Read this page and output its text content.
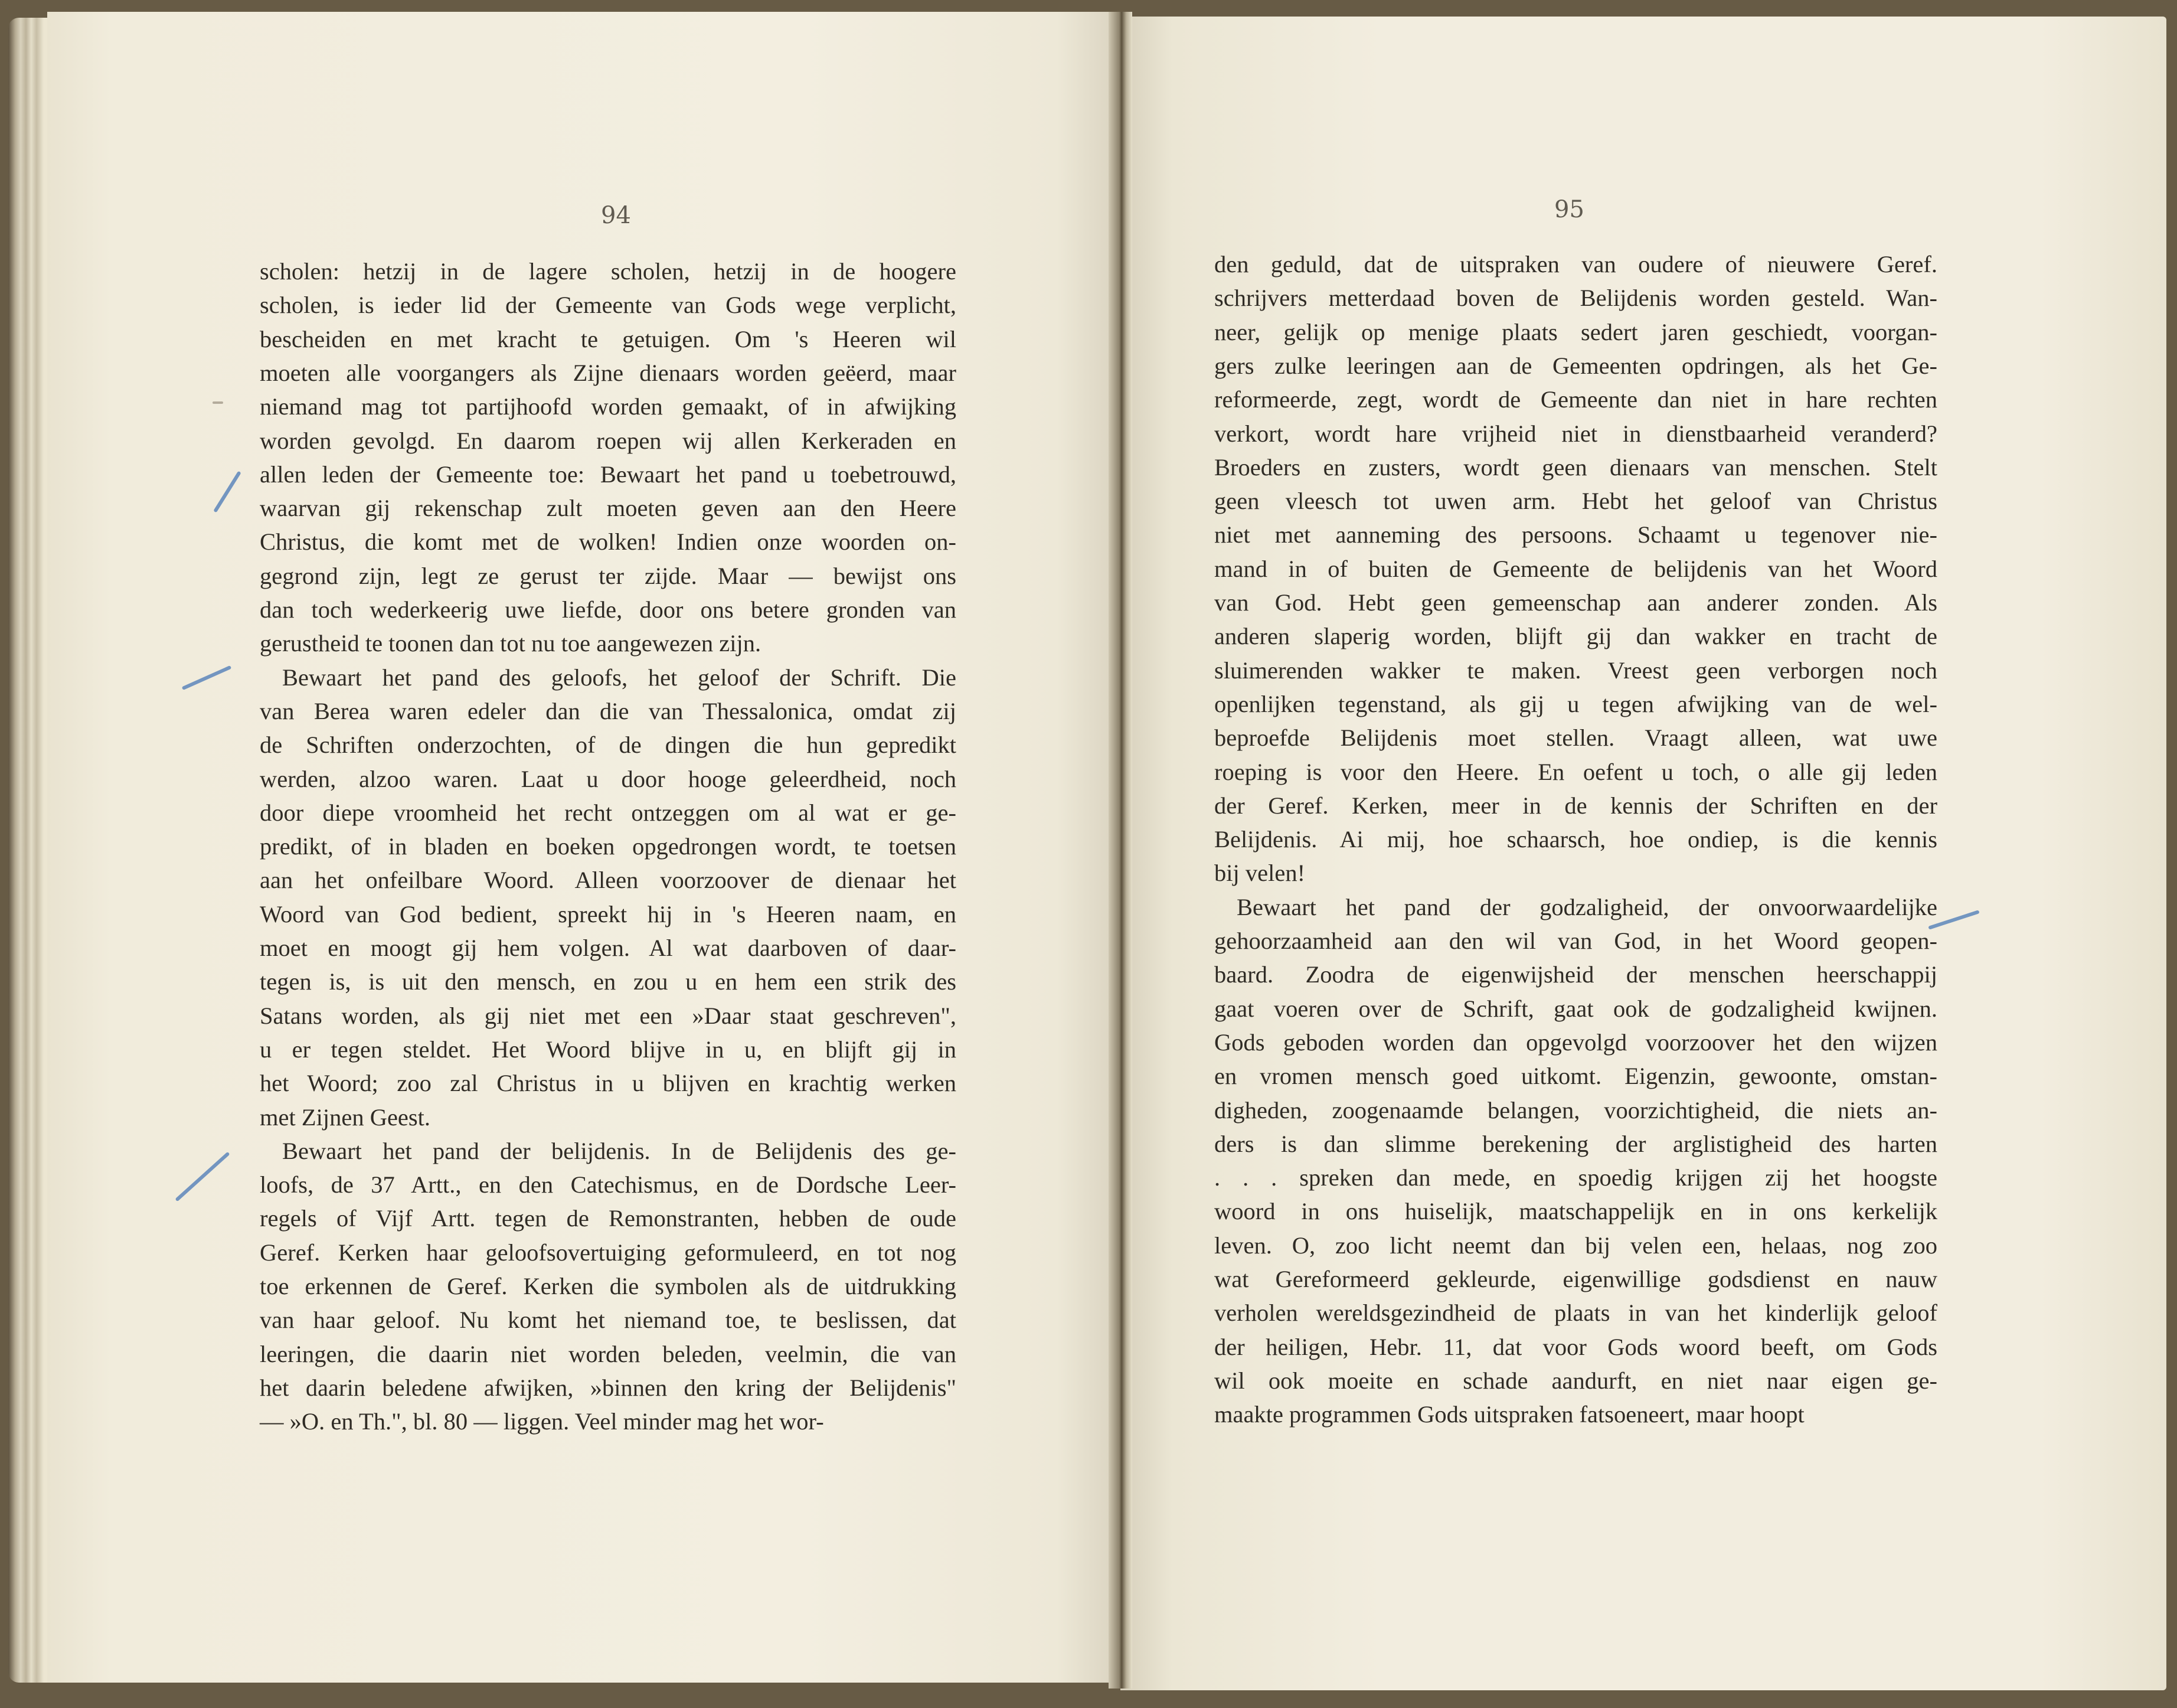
94	95
scholen: hetzij in de lagere scholen, hetzij in de hoogere
scholen, is ieder lid der Gemeente van Gods wege verplicht,
bescheiden en met kracht te getuigen. Om 's Heeren wil
moeten alle voorgangers als Zijne dienaars worden geëerd, maar
niemand mag tot partijhoofd worden gemaakt, of in afwijking
worden gevolgd. En daarom roepen wij allen Kerkeraden en
allen leden der Gemeente toe: Bewaart het pand u toebetrouwd,
waarvan gij rekenschap zult moeten geven aan den Heere
Christus, die komt met de wolken! Indien onze woorden on-
gegrond zijn, legt ze gerust ter zijde. Maar — bewijst ons
dan toch wederkeerig uwe liefde, door ons betere gronden van
gerustheid te toonen dan tot nu toe aangewezen zijn.
Bewaart het pand des geloofs, het geloof der Schrift. Die
van Berea waren edeler dan die van Thessalonica, omdat zij
de Schriften onderzochten, of de dingen die hun gepredikt
werden, alzoo waren. Laat u door hooge geleerdheid, noch
door diepe vroomheid het recht ontzeggen om al wat er ge-
predikt, of in bladen en boeken opgedrongen wordt, te toetsen
aan het onfeilbare Woord. Alleen voorzoover de dienaar het
Woord van God bedient, spreekt hij in 's Heeren naam, en
moet en moogt gij hem volgen. Al wat daarboven of daar-
tegen is, is uit den mensch, en zou u en hem een strik des
Satans worden, als gij niet met een »Daar staat geschreven",
u er tegen steldet. Het Woord blijve in u, en blijft gij in
het Woord; zoo zal Christus in u blijven en krachtig werken
met Zijnen Geest.
Bewaart het pand der belijdenis. In de Belijdenis des ge-
loofs, de 37 Artt., en den Catechismus, en de Dordsche Leer-
regels of Vijf Artt. tegen de Remonstranten, hebben de oude
Geref. Kerken haar geloofsovertuiging geformuleerd, en tot nog
toe erkennen de Geref. Kerken die symbolen als de uitdrukking
van haar geloof. Nu komt het niemand toe, te beslissen, dat
leeringen, die daarin niet worden beleden, veelmin, die van
het daarin beledene afwijken, »binnen den kring der Belijdenis"
— »O. en Th.", bl. 80 — liggen. Veel minder mag het wor-
den geduld, dat de uitspraken van oudere of nieuwere Geref.
schrijvers metterdaad boven de Belijdenis worden gesteld. Wan-
neer, gelijk op menige plaats sedert jaren geschiedt, voorgan-
gers zulke leeringen aan de Gemeenten opdringen, als het Ge-
reformeerde, zegt, wordt de Gemeente dan niet in hare rechten
verkort, wordt hare vrijheid niet in dienstbaarheid veranderd?
Broeders en zusters, wordt geen dienaars van menschen. Stelt
geen vleesch tot uwen arm. Hebt het geloof van Christus
niet met aanneming des persoons. Schaamt u tegenover nie-
mand in of buiten de Gemeente de belijdenis van het Woord
van God. Hebt geen gemeenschap aan anderer zonden. Als
anderen slaperig worden, blijft gij dan wakker en tracht de
sluimerenden wakker te maken. Vreest geen verborgen noch
openlijken tegenstand, als gij u tegen afwijking van de wel-
beproefde Belijdenis moet stellen. Vraagt alleen, wat uwe
roeping is voor den Heere. En oefent u toch, o alle gij leden
der Geref. Kerken, meer in de kennis der Schriften en der
Belijdenis. Ai mij, hoe schaarsch, hoe ondiep, is die kennis
bij velen!
Bewaart het pand der godzaligheid, der onvoorwaardelijke
gehoorzaamheid aan den wil van God, in het Woord geopen-
baard. Zoodra de eigenwijsheid der menschen heerschappij
gaat voeren over de Schrift, gaat ook de godzaligheid kwijnen.
Gods geboden worden dan opgevolgd voorzoover het den wijzen
en vromen mensch goed uitkomt. Eigenzin, gewoonte, omstan-
digheden, zoogenaamde belangen, voorzichtigheid, die niets an-
ders is dan slimme berekening der arglistigheid des harten
. . . spreken dan mede, en spoedig krijgen zij het hoogste
woord in ons huiselijk, maatschappelijk en in ons kerkelijk
leven. O, zoo licht neemt dan bij velen een, helaas, nog zoo
wat Gereformeerd gekleurde, eigenwillige godsdienst en nauw
verholen wereldsgezindheid de plaats in van het kinderlijk geloof
der heiligen, Hebr. 11, dat voor Gods woord beeft, om Gods
wil ook moeite en schade aandurft, en niet naar eigen ge-
maakte programmen Gods uitspraken fatsoeneert, maar hoopt
